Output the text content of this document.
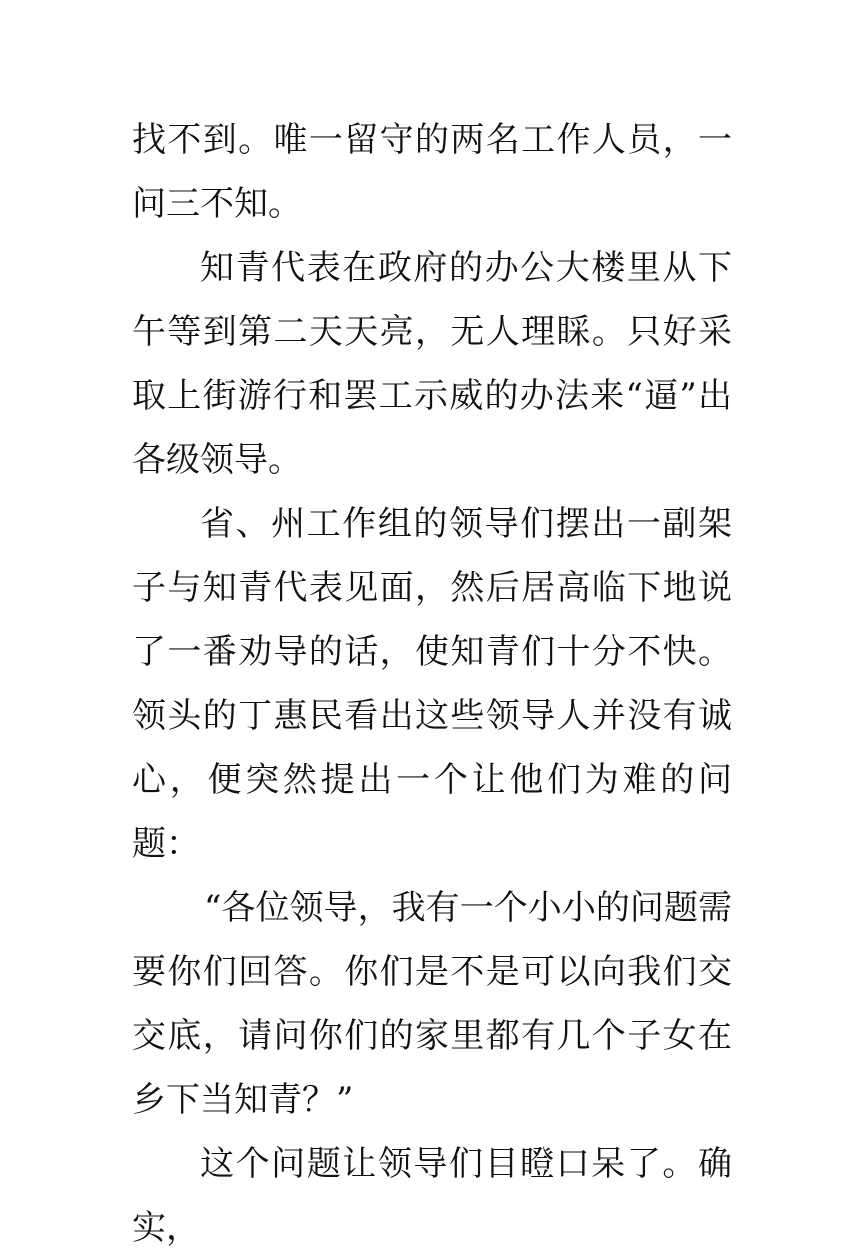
找不到。唯一留守的两名工作人员，一问三不知。

知青代表在政府的办公大楼里从下午等到第二天天亮，无人理睬。只好采取上街游行和罢工示威的办法来“逼”出各级领导。

省、州工作组的领导们摆出一副架子与知青代表见面，然后居高临下地说了一番劝导的话，使知青们十分不快。领头的丁惠民看出这些领导人并没有诚心，便突然提出一个让他们为难的问题：

“各位领导，我有一个小小的问题需要你们回答。你们是不是可以向我们交交底，请问你们的家里都有几个子女在乡下当知青？”

这个问题让领导们目瞪口呆了。确实，
